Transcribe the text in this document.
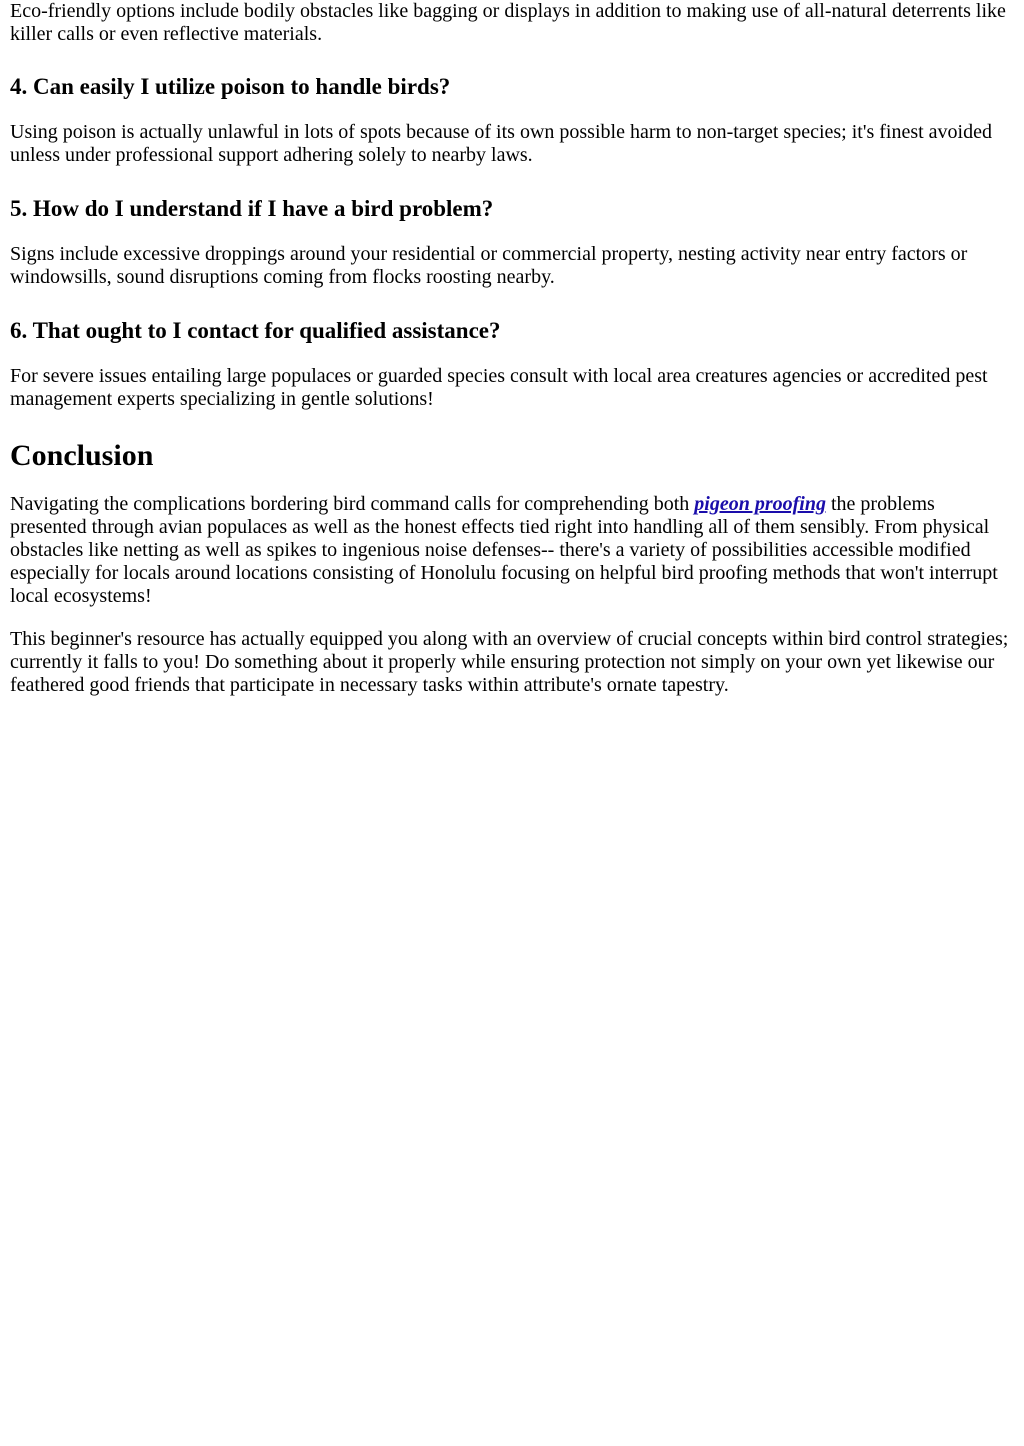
Eco-friendly options include bodily obstacles like bagging or displays in addition to making use of all-natural deterrents like killer calls or even reflective materials.

4. Can easily I utilize poison to handle birds?

Using poison is actually unlawful in lots of spots because of its own possible harm to non-target species; it's finest avoided unless under professional support adhering solely to nearby laws.

5. How do I understand if I have a bird problem?

Signs include excessive droppings around your residential or commercial property, nesting activity near entry factors or windowsills, sound disruptions coming from flocks roosting nearby.

6. That ought to I contact for qualified assistance?

For severe issues entailing large populaces or guarded species consult with local area creatures agencies or accredited pest management experts specializing in gentle solutions!

Conclusion

Navigating the complications bordering bird command calls for comprehending both pigeon proofing the problems presented through avian populaces as well as the honest effects tied right into handling all of them sensibly. From physical obstacles like netting as well as spikes to ingenious noise defenses-- there's a variety of possibilities accessible modified especially for locals around locations consisting of Honolulu focusing on helpful bird proofing methods that won't interrupt local ecosystems!

This beginner's resource has actually equipped you along with an overview of crucial concepts within bird control strategies; currently it falls to you! Do something about it properly while ensuring protection not simply on your own yet likewise our feathered good friends that participate in necessary tasks within attribute's ornate tapestry.
